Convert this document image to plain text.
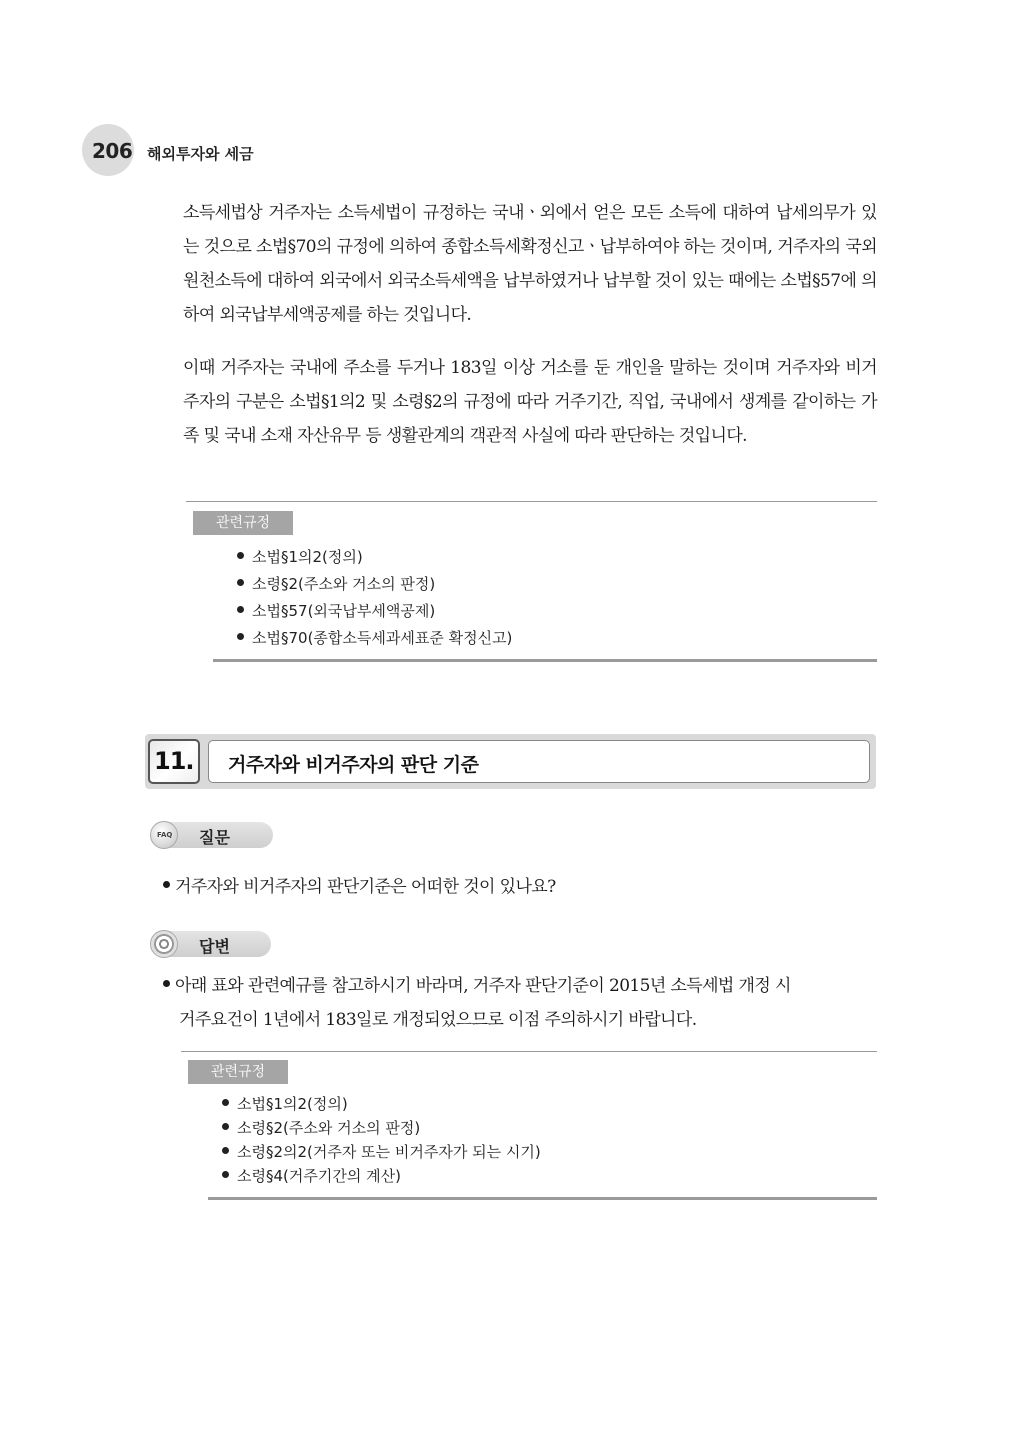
206 해외투자와 세금

소득세법상 거주자는 소득세법이 규정하는 국내ㆍ외에서 얻은 모든 소득에 대하여 납세의무가 있는 것으로 소법§70의 규정에 의하여 종합소득세확정신고ㆍ납부하여야 하는 것이며, 거주자의 국외원천소득에 대하여 외국에서 외국소득세액을 납부하였거나 납부할 것이 있는 때에는 소법§57에 의하여 외국납부세액공제를 하는 것입니다.

이때 거주자는 국내에 주소를 두거나 183일 이상 거소를 둔 개인을 말하는 것이며 거주자와 비거주자의 구분은 소법§1의2 및 소령§2의 규정에 따라 거주기간, 직업, 국내에서 생계를 같이하는 가족 및 국내 소재 자산유무 등 생활관계의 객관적 사실에 따라 판단하는 것입니다.

관련규정
소법§1의2(정의)
소령§2(주소와 거소의 판정)
소법§57(외국납부세액공제)
소법§70(종합소득세과세표준 확정신고)
11. 거주자와 비거주자의 판단 기준
FAQ 질문

거주자와 비거주자의 판단기준은 어떠한 것이 있나요?

답변

아래 표와 관련예규를 참고하시기 바라며, 거주자 판단기준이 2015년 소득세법 개정 시
거주요건이 1년에서 183일로 개정되었으므로 이점 주의하시기 바랍니다.

관련규정
소법§1의2(정의)
소령§2(주소와 거소의 판정)
소령§2의2(거주자 또는 비거주자가 되는 시기)
소령§4(거주기간의 계산)
